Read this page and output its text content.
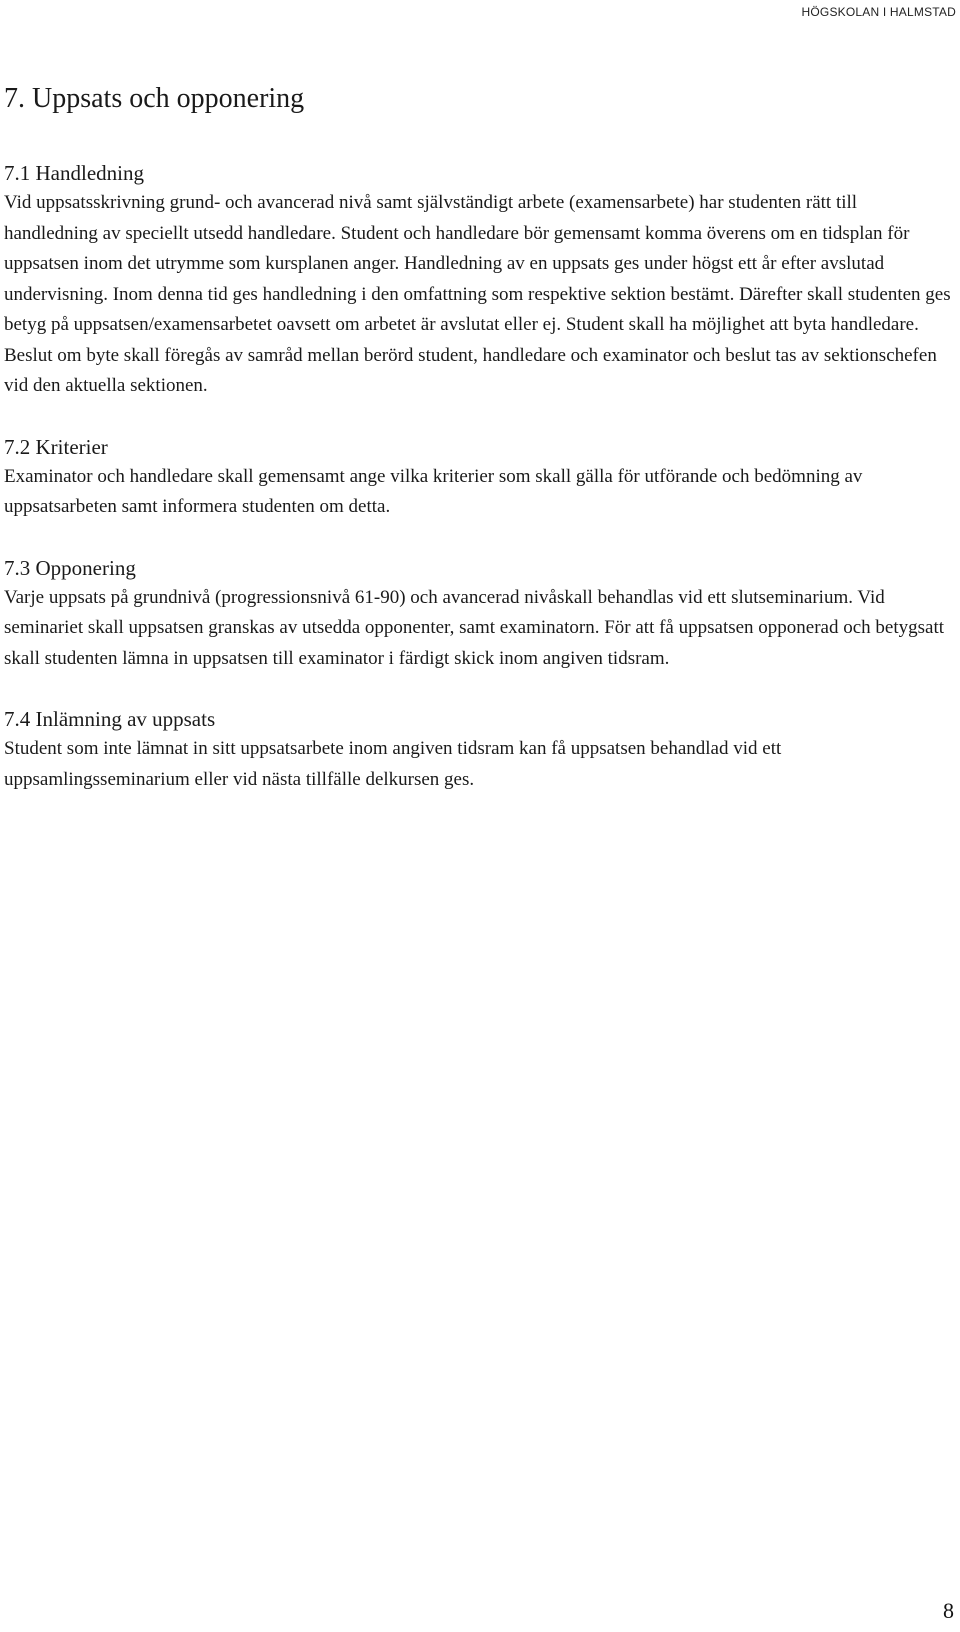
HÖGSKOLAN I HALMSTAD
7. Uppsats och opponering
7.1 Handledning

Vid uppsatsskrivning grund- och avancerad nivå samt självständigt arbete (examensarbete) har studenten rätt till handledning av speciellt utsedd handledare. Student och handledare bör gemensamt komma överens om en tidsplan för uppsatsen inom det utrymme som kursplanen anger. Handledning av en uppsats ges under högst ett år efter avslutad undervisning. Inom denna tid ges handledning i den omfattning som respektive sektion bestämt. Därefter skall studenten ges betyg på uppsatsen/examensarbetet oavsett om arbetet är avslutat eller ej. Student skall ha möjlighet att byta handledare. Beslut om byte skall föregås av samråd mellan berörd student, handledare och examinator och beslut tas av sektionschefen vid den aktuella sektionen.

7.2 Kriterier

Examinator och handledare skall gemensamt ange vilka kriterier som skall gälla för utförande och bedömning av uppsatsarbeten samt informera studenten om detta.

7.3 Opponering

Varje uppsats på grundnivå (progressionsnivå 61-90) och avancerad nivåskall behandlas vid ett slutseminarium. Vid seminariet skall uppsatsen granskas av utsedda opponenter, samt examinatorn. För att få uppsatsen opponerad och betygsatt skall studenten lämna in uppsatsen till examinator i färdigt skick inom angiven tidsram.

7.4 Inlämning av uppsats

Student som inte lämnat in sitt uppsatsarbete inom angiven tidsram kan få uppsatsen behandlad vid ett uppsamlingsseminarium eller vid nästa tillfälle delkursen ges.

8
